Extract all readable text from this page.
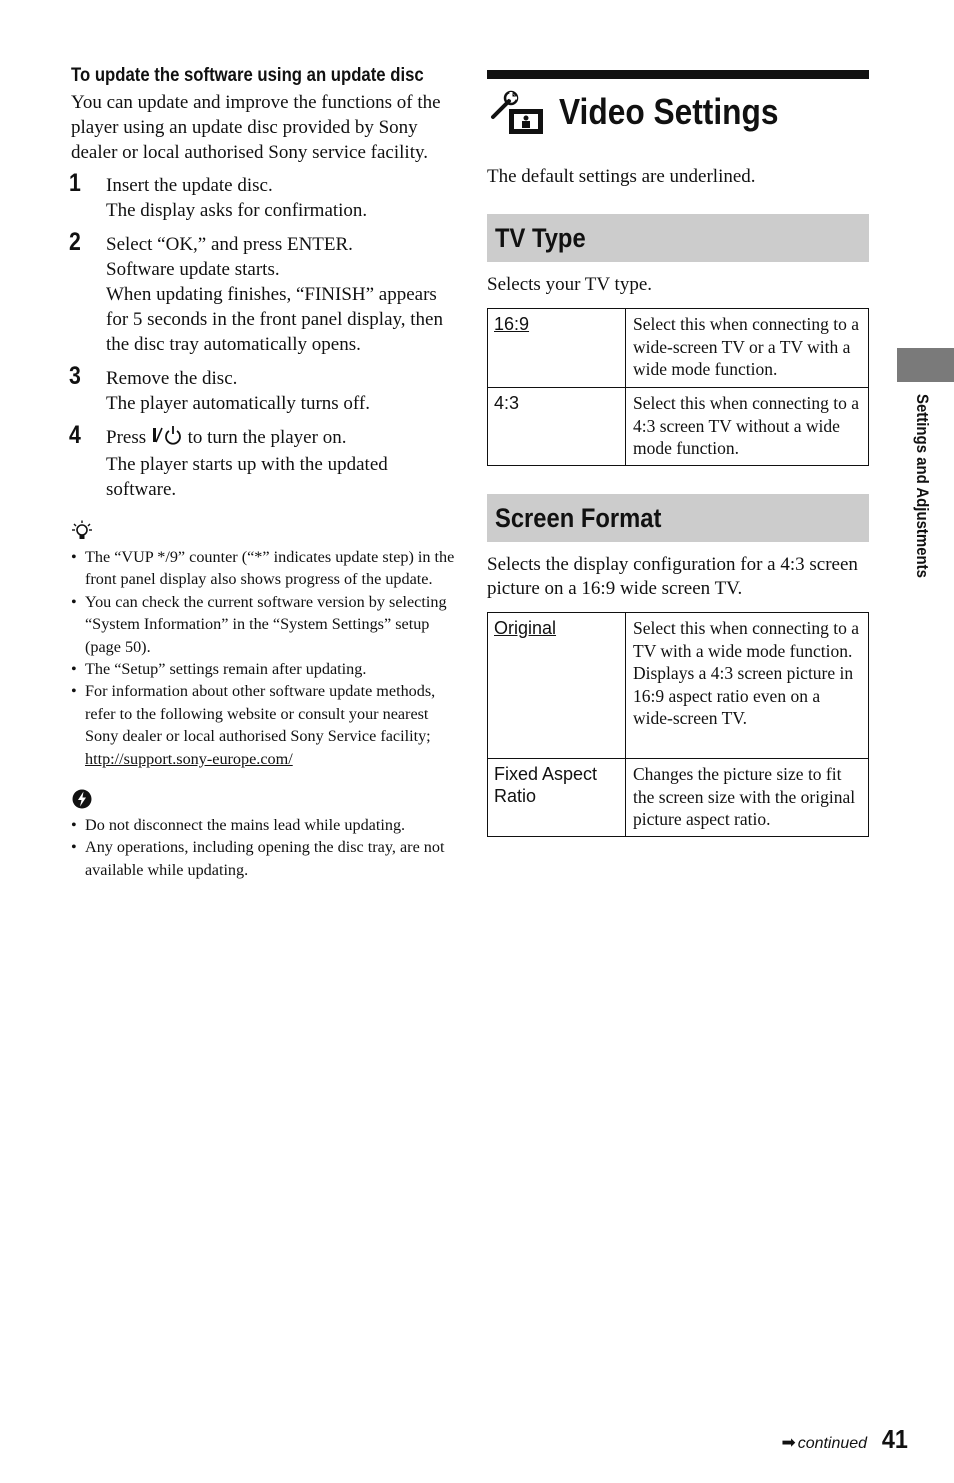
To update the software using an update disc

You can update and improve the functions of the player using an update disc provided by Sony dealer or local authorised Sony service facility.

1 Insert the update disc.
The display asks for confirmation.
2 Select “OK,” and press ENTER.
Software update starts.
When updating finishes, “FINISH” appears for 5 seconds in the front panel display, then the disc tray automatically opens.
3 Remove the disc.
The player automatically turns off.
4 Press to turn the player on.
The player starts up with the updated software.
• The “VUP */9” counter (“*” indicates update step) in the front panel display also shows progress of the update.
• You can check the current software version by selecting “System Information” in the “System Settings” setup (page 50).
• The “Setup” settings remain after updating.
• For information about other software update methods, refer to the following website or consult your nearest Sony dealer or local authorised Sony Service facility;
http://support.sony-europe.com/
• Do not disconnect the mains lead while updating.
• Any operations, including opening the disc tray, are not available while updating.
Video Settings

The default settings are underlined.

TV Type

Selects your TV type.

16:9	Select this when connecting to a wide-screen TV or a TV with a wide mode function.
4:3	Select this when connecting to a 4:3 screen TV without a wide mode function.
Screen Format

Selects the display configuration for a 4:3 screen picture on a 16:9 wide screen TV.

Original	Select this when connecting to a TV with a wide mode function. Displays a 4:3 screen picture in 16:9 aspect ratio even on a wide-screen TV.
Fixed Aspect Ratio	Changes the picture size to fit the screen size with the original picture aspect ratio.
Settings and Adjustments
➡ continued 41
